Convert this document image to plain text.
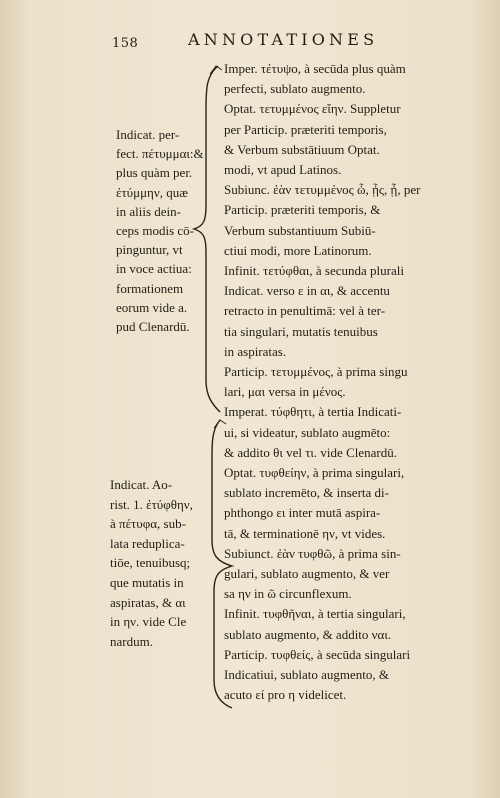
158	ANNOTATIONES
Indicat. per-
fect. πέτυμμαι:&
plus quàm per.
ἐτύμμην, quæ
in aliis dein-
ceps modis cō-
pinguntur, vt
in voce actiua:
formationem
eorum vide a.
pud Clenardū.
Indicat. Ao-
rist. 1. ἐτύφθην,
à πέτυφα, sub-
lata reduplica-
tiōe, tenuibusq;
que mutatis in
aspiratas, & αι
in ην. vide Cle
nardum.
Imper. τέτυψο, à secūda plus quàm
perfecti, sublato augmento.
Optat. τετυμμένος εἴην. Suppletur
per Particip. præteriti temporis,
& Verbum substātiuum Optat.
modi, vt apud Latinos.
Subiunc. ἐὰν τετυμμένος ὦ, ᾖς, ᾖ, per
Particip. præteriti temporis, &
Verbum substantiuum Subiū-
ctiui modi, more Latinorum.
Infinit. τετύφθαι, à secunda plurali
Indicat. verso ε in αι, & accentu
retracto in penultimā: vel à ter-
tia singulari, mutatis tenuibus
in aspiratas.
Particip. τετυμμένος, à prima singu
lari, μαι versa in μένος.
Imperat. τύφθητι, à tertia Indicati-
ui, si videatur, sublato augmēto:
& addito θι vel τι. vide Clenardū.
Optat. τυφθείην, à prima singulari,
sublato incremēto, & inserta di-
phthongo ει inter mutā aspira-
tā, & terminationē ην, vt vides.
Subiunct. ἐὰν τυφθῶ, à prima sin-
gulari, sublato augmento, & ver
sa ην in ῶ circunflexum.
Infinit. τυφθῆναι, à tertia singulari,
sublato augmento, & addito ναι.
Particip. τυφθείς, à secūda singulari
Indicatiui, sublato augmento, &
acuto εί pro η videlicet.
